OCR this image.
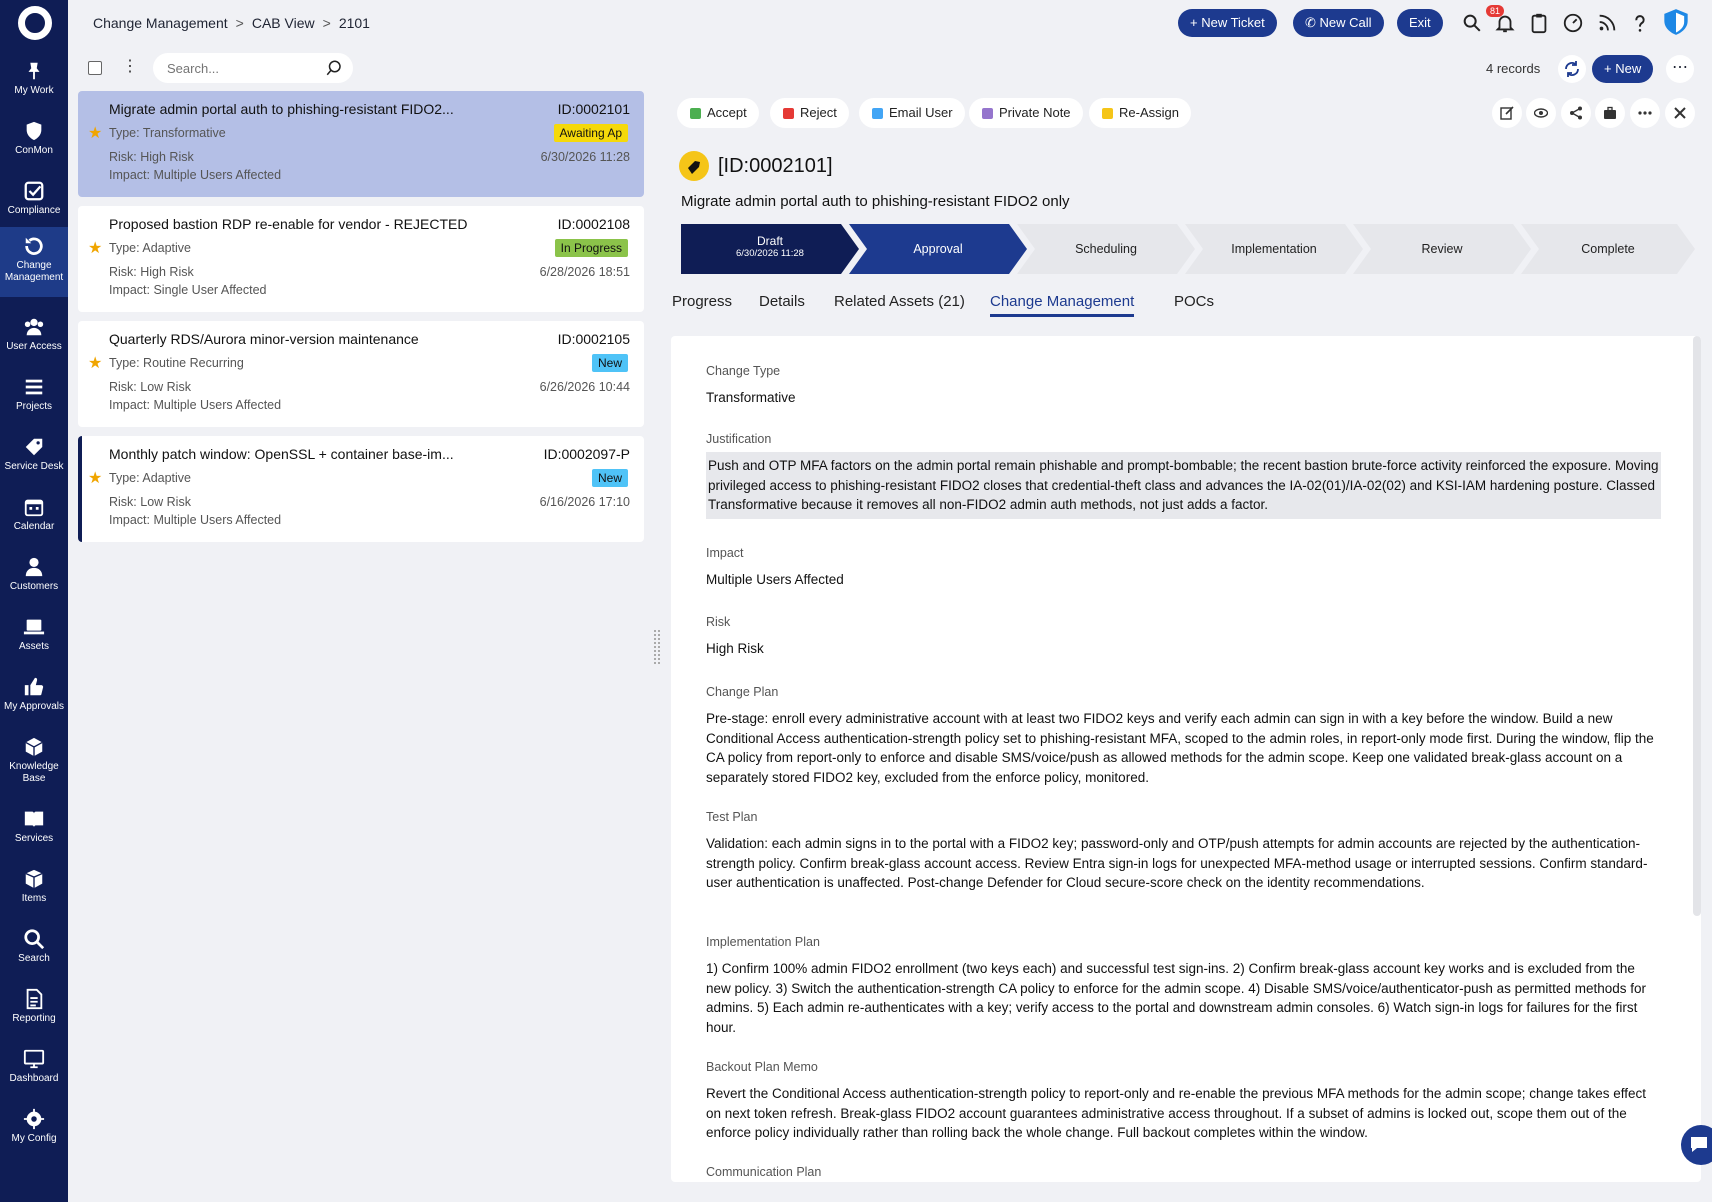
My Work
ConMon
Compliance
Change Management
User Access
Projects
Service Desk
Calendar
Customers
Assets
My Approvals
Knowledge Base
Services
Items
Search
Reporting
Dashboard
My Config
Change Management > CAB View > 2101	+ New Ticket	✆ New Call	Exit
81
⋮
Search...
★
Migrate admin portal auth to phishing-resistant FIDO2...	ID:0002101
Type: Transformative	Awaiting Ap
Risk: High Risk	6/30/2026 11:28
Impact: Multiple Users Affected
★
Proposed bastion RDP re-enable for vendor - REJECTED	ID:0002108
Type: Adaptive	In Progress
Risk: High Risk	6/28/2026 18:51
Impact: Single User Affected
★
Quarterly RDS/Aurora minor-version maintenance	ID:0002105
Type: Routine Recurring	New
Risk: Low Risk	6/26/2026 10:44
Impact: Multiple Users Affected
★
Monthly patch window: OpenSSL + container base-im...	ID:0002097-P
Type: Adaptive	New
Risk: Low Risk	6/16/2026 17:10
Impact: Multiple Users Affected
4 records	+ New	⋯
Accept	Reject	Email User	Private Note	Re-Assign
[ID:0002101]
Migrate admin portal auth to phishing-resistant FIDO2 only
Draft
6/30/2026 11:28	Approval	Scheduling	Implementation	Review	Complete
Progress Details Related Assets (21) Change Management	POCs
Change Type
Transformative
Justification
Push and OTP MFA factors on the admin portal remain phishable and prompt-bombable; the recent bastion brute-force activity reinforced the exposure. Moving privileged access to phishing-resistant FIDO2 closes that credential-theft class and advances the IA-02(01)/IA-02(02) and KSI-IAM hardening posture. Classed Transformative because it removes all non-FIDO2 admin auth methods, not just adds a factor.
Impact
Multiple Users Affected
Risk
High Risk
Change Plan
Pre-stage: enroll every administrative account with at least two FIDO2 keys and verify each admin can sign in with a key before the window. Build a new Conditional Access authentication-strength policy set to phishing-resistant MFA, scoped to the admin roles, in report-only mode first. During the window, flip the CA policy from report-only to enforce and disable SMS/voice/push as allowed methods for the admin scope. Keep one validated break-glass account on a separately stored FIDO2 key, excluded from the enforce policy, monitored.
Test Plan
Validation: each admin signs in to the portal with a FIDO2 key; password-only and OTP/push attempts for admin accounts are rejected by the authentication-strength policy. Confirm break-glass account access. Review Entra sign-in logs for unexpected MFA-method usage or interrupted sessions. Confirm standard-user authentication is unaffected. Post-change Defender for Cloud secure-score check on the identity recommendations.
Implementation Plan
1) Confirm 100% admin FIDO2 enrollment (two keys each) and successful test sign-ins. 2) Confirm break-glass account key works and is excluded from the new policy. 3) Switch the authentication-strength CA policy to enforce for the admin scope. 4) Disable SMS/voice/authenticator-push as permitted methods for admins. 5) Each admin re-authenticates with a key; verify access to the portal and downstream admin consoles. 6) Watch sign-in logs for failures for the first hour.
Backout Plan Memo
Revert the Conditional Access authentication-strength policy to report-only and re-enable the previous MFA methods for the admin scope; change takes effect on next token refresh. Break-glass FIDO2 account guarantees administrative access throughout. If a subset of admins is locked out, scope them out of the enforce policy individually rather than rolling back the whole change. Full backout completes within the window.
Communication Plan
